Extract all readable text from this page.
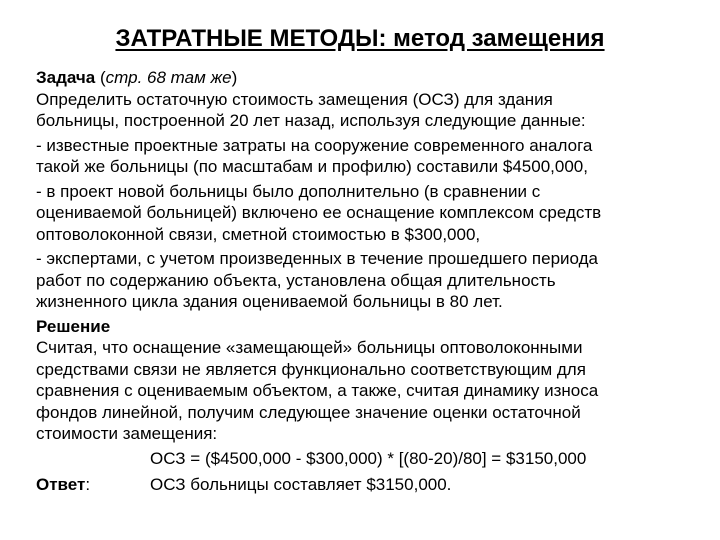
ЗАТРАТНЫЕ МЕТОДЫ: метод замещения
Задача (стр. 68 там же)
Определить остаточную стоимость замещения (ОСЗ) для здания
больницы, построенной 20 лет назад, используя следующие данные:
- известные проектные затраты на сооружение современного аналога
такой же больницы (по масштабам и профилю) составили $4500,000,
- в проект новой больницы было дополнительно (в сравнении с
оцениваемой больницей) включено ее оснащение комплексом средств
оптоволоконной связи, сметной стоимостью в $300,000,
- экспертами, с учетом произведенных в течение прошедшего периода
работ по содержанию объекта, установлена общая длительность
жизненного цикла здания оцениваемой больницы в 80 лет.
Решение
Считая, что оснащение «замещающей» больницы оптоволоконными
средствами связи не является функционально соответствующим для
сравнения с оцениваемым объектом, а также, считая динамику износа
фондов линейной, получим следующее значение оценки остаточной
стоимости замещения:
ОСЗ = ($4500,000 - $300,000) * [(80-20)/80] = $3150,000
Ответ:	ОСЗ больницы составляет $3150,000.
